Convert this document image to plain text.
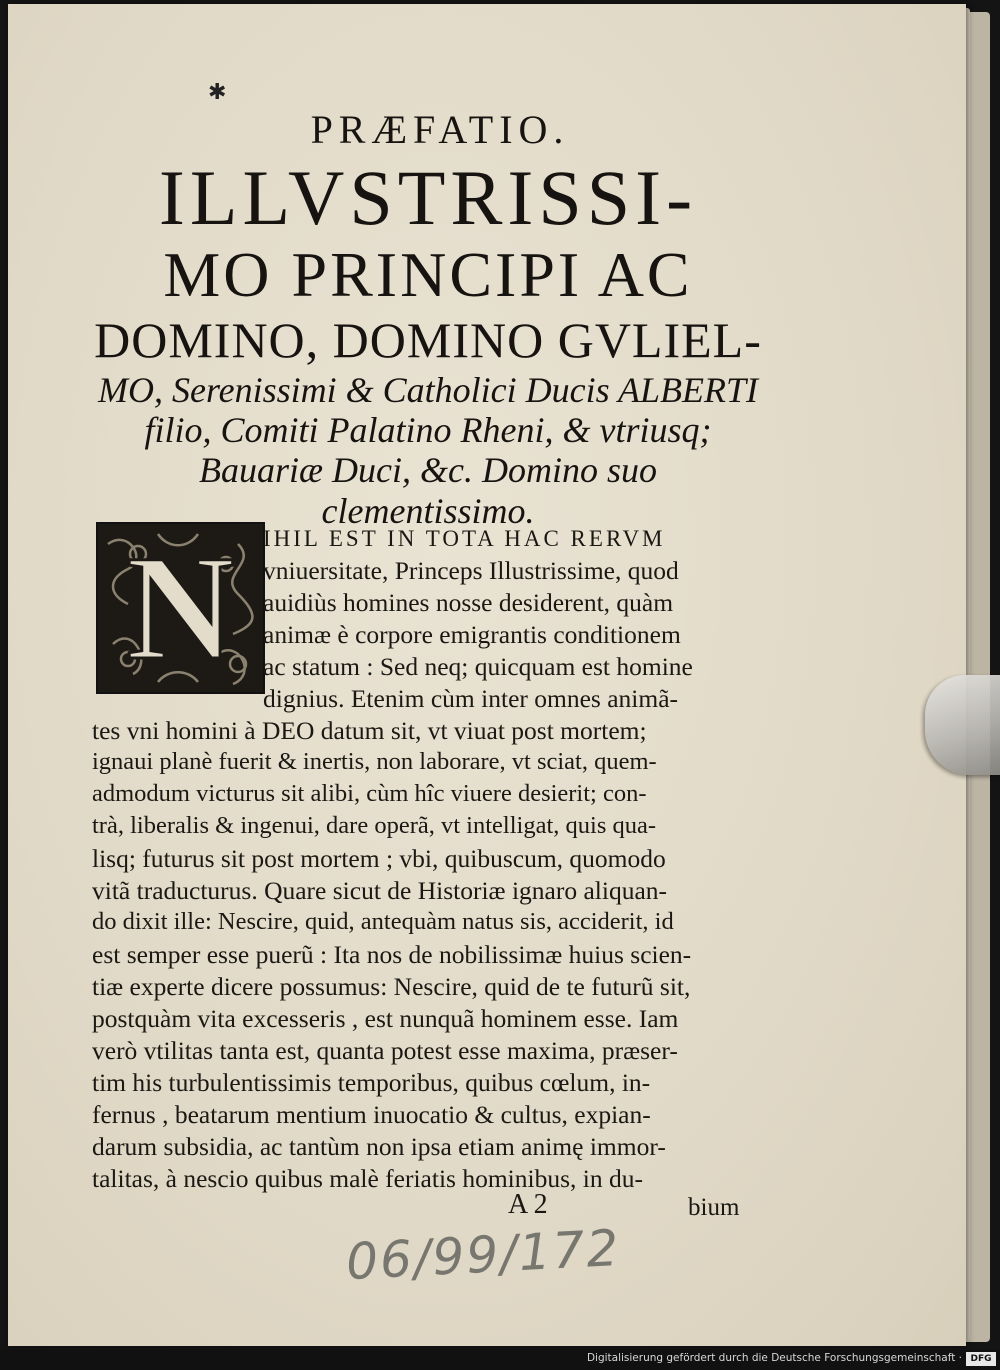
✱
PRÆFATIO.
ILLVSTRISSI-
MO PRINCIPI AC
DOMINO, DOMINO GVLIEL-
MO, Serenissimi & Catholici Ducis ALBERTI
filio, Comiti Palatino Rheni, & vtriusq;
Bauariæ Duci, &c. Domino suo
clementissimo.
N IHIL EST IN TOTA HAC RERVM
vniuersitate, Princeps Illustrissime, quod
auidiùs homines nosse desiderent, quàm
animæ è corpore emigrantis conditionem
ac statum : Sed neq; quicquam est homine
dignius. Etenim cùm inter omnes animã-
tes vni homini à DEO datum sit, vt viuat post mortem;
ignaui planè fuerit & inertis, non laborare, vt sciat, quem-
admodum victurus sit alibi, cùm hîc viuere desierit; con-
trà, liberalis & ingenui, dare operã, vt intelligat, quis qua-
lisq; futurus sit post mortem ; vbi, quibuscum, quomodo
vitã traducturus. Quare sicut de Historiæ ignaro aliquan-
do dixit ille: Nescire, quid, antequàm natus sis, acciderit, id
est semper esse puerũ : Ita nos de nobilissimæ huius scien-
tiæ experte dicere possumus: Nescire, quid de te futurũ sit,
postquàm vita excesseris , est nunquã hominem esse. Iam
verò vtilitas tanta est, quanta potest esse maxima, præser-
tim his turbulentissimis temporibus, quibus cœlum, in-
fernus , beatarum mentium inuocatio & cultus, expian-
darum subsidia, ac tantùm non ipsa etiam animę immor-
talitas, à nescio quibus malè feriatis hominibus, in du-
A 2	bium
06/99/172
Digitalisierung gefördert durch die Deutsche Forschungsgemeinschaft · DFG
